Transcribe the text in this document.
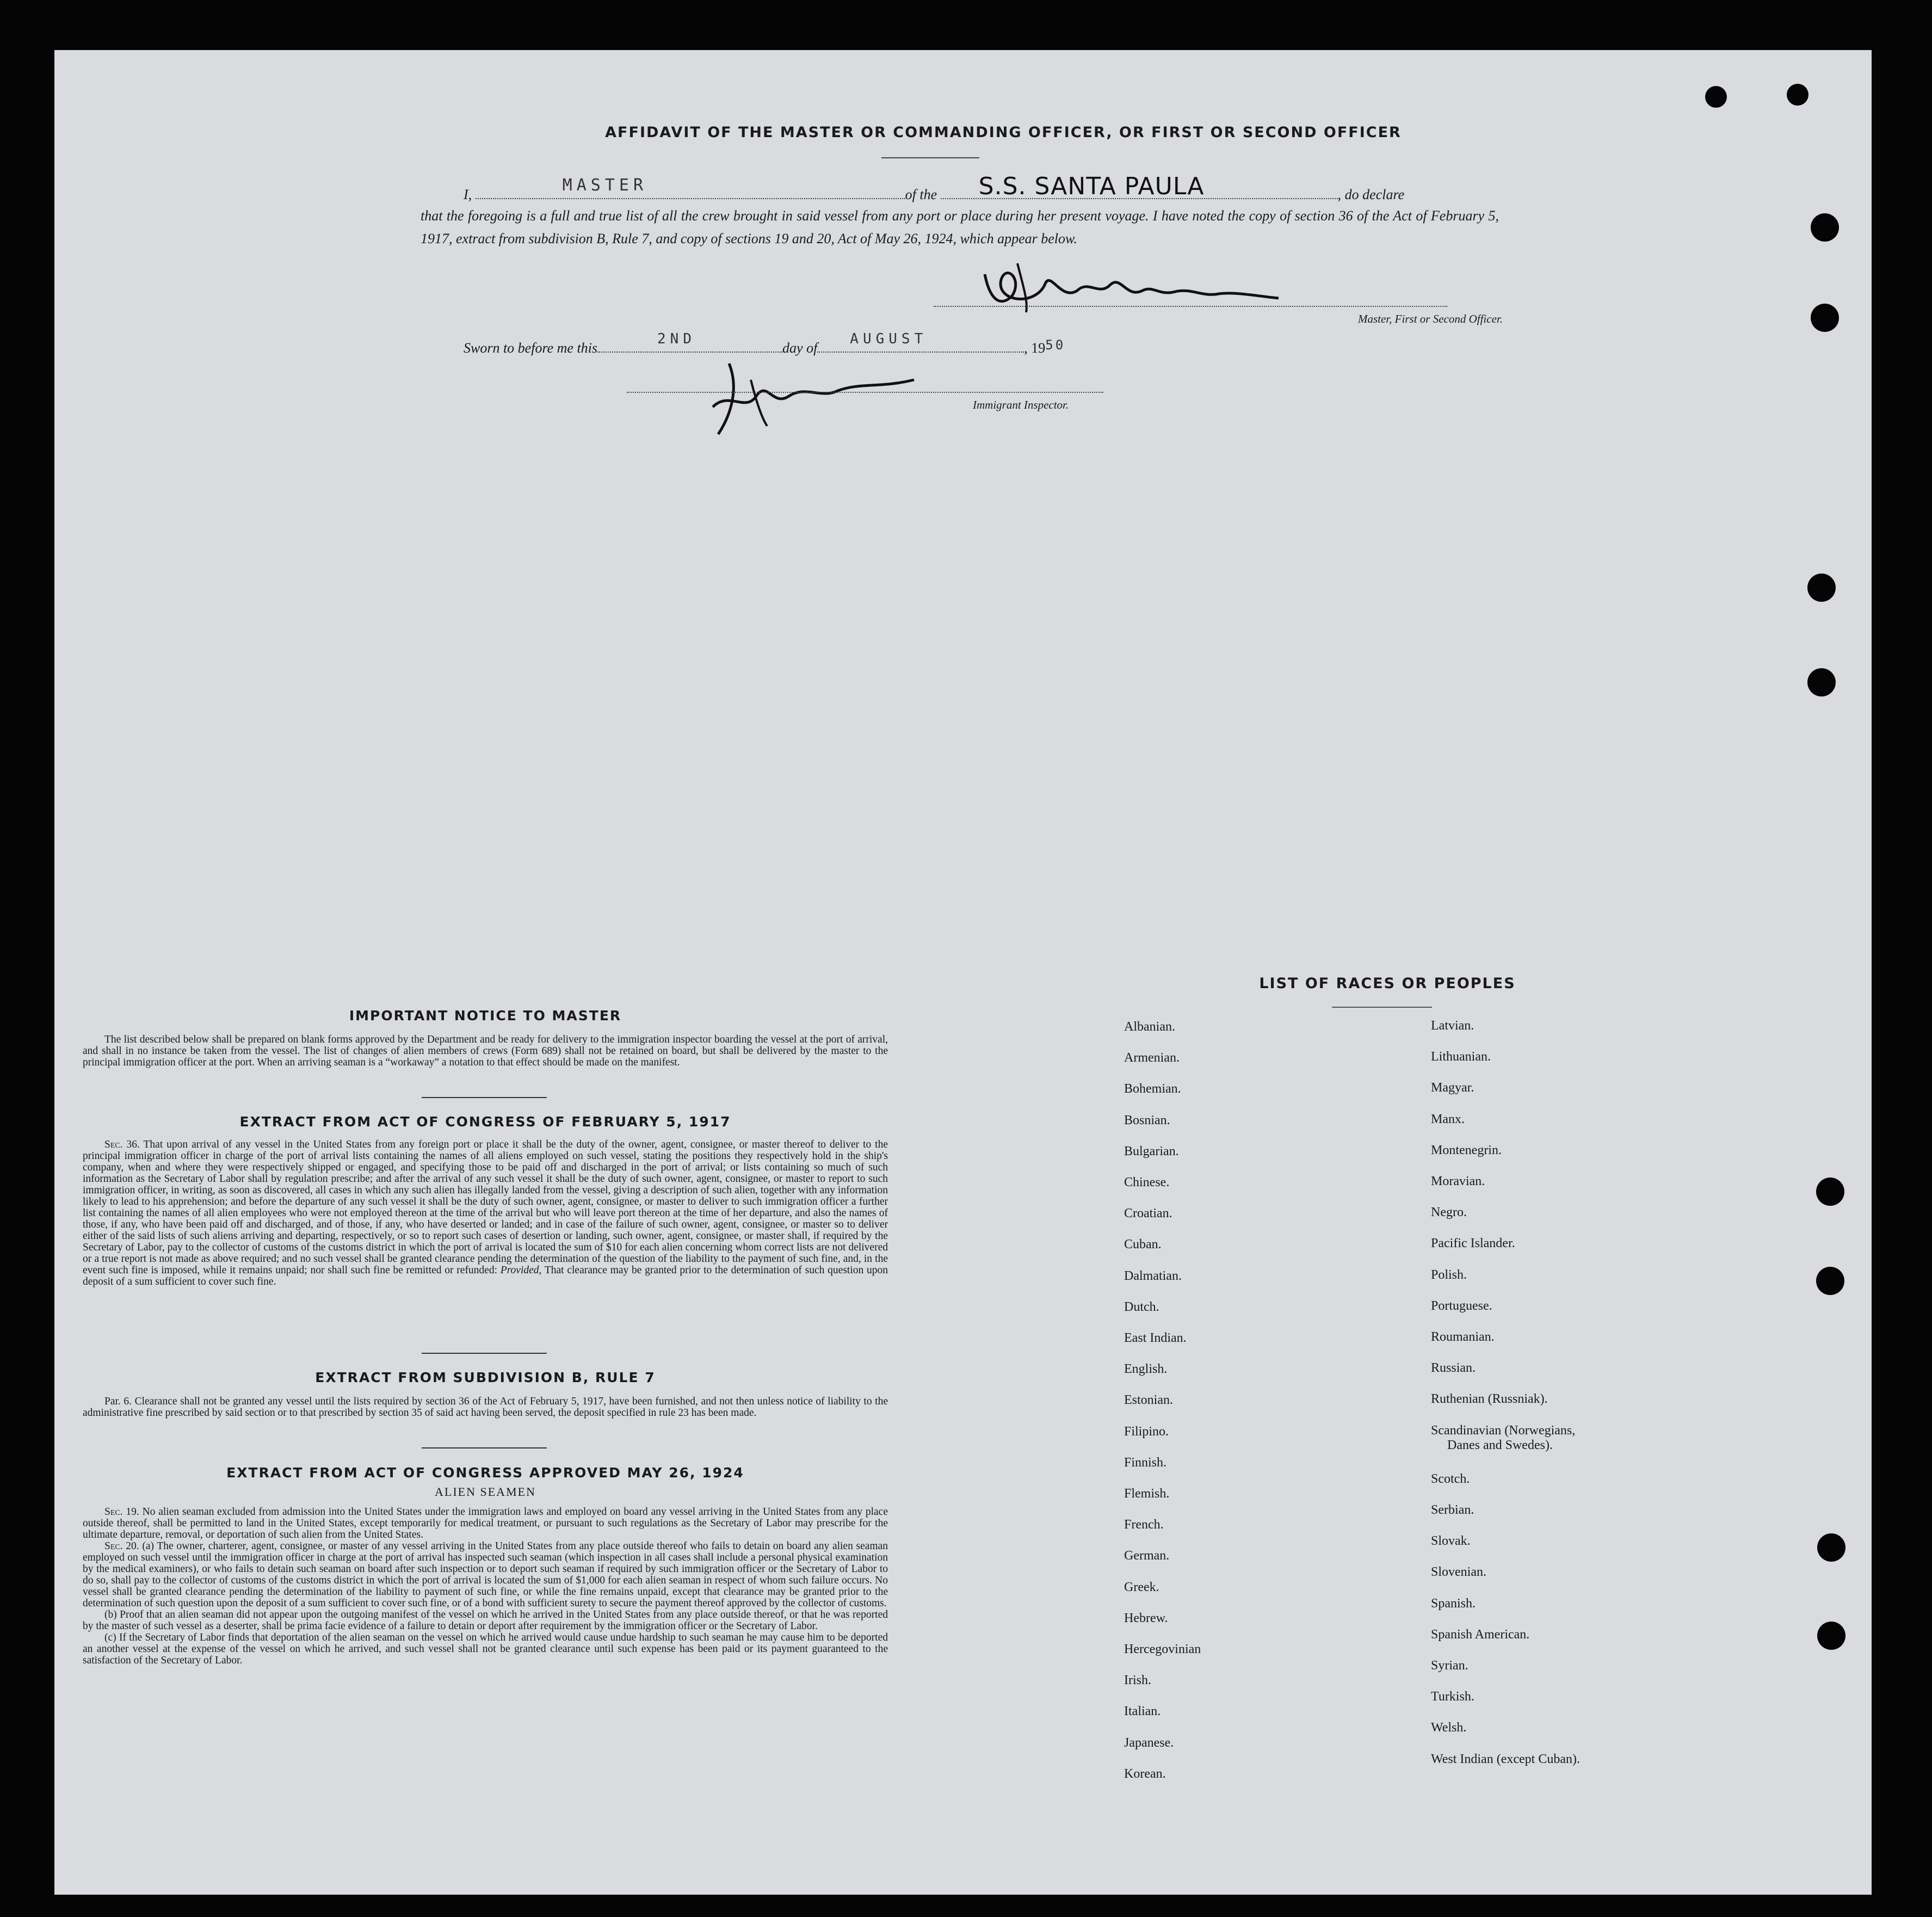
AFFIDAVIT OF THE MASTER OR COMMANDING OFFICER, OR FIRST OR SECOND OFFICER
I,	MASTER	of the S.S. SANTA PAULA	, do declare
that the foregoing is a full and true list of all the crew brought in said vessel from any port or place during her present voyage. I have noted the copy of section 36 of the Act of February 5, 1917, extract from subdivision B, Rule 7, and copy of sections 19 and 20, Act of May 26, 1924, which appear below.
Master, First or Second Officer.
Sworn to before me this
2ND
day of
AUGUST
, 1950
Immigrant Inspector.
IMPORTANT NOTICE TO MASTER

The list described below shall be prepared on blank forms approved by the Department and be ready for delivery to the immigration inspector boarding the vessel at the port of arrival, and shall in no instance be taken from the vessel. The list of changes of alien members of crews (Form 689) shall not be retained on board, but shall be delivered by the master to the principal immigration officer at the port. When an arriving seaman is a “workaway” a notation to that effect should be made on the manifest.

EXTRACT FROM ACT OF CONGRESS OF FEBRUARY 5, 1917

Sec. 36. That upon arrival of any vessel in the United States from any foreign port or place it shall be the duty of the owner, agent, consignee, or master thereof to deliver to the principal immigration officer in charge of the port of arrival lists containing the names of all aliens employed on such vessel, stating the positions they respectively hold in the ship's company, when and where they were respectively shipped or engaged, and specifying those to be paid off and discharged in the port of arrival; or lists containing so much of such information as the Secretary of Labor shall by regulation prescribe; and after the arrival of any such vessel it shall be the duty of such owner, agent, consignee, or master to report to such immigration officer, in writing, as soon as discovered, all cases in which any such alien has illegally landed from the vessel, giving a description of such alien, together with any information likely to lead to his apprehension; and before the departure of any such vessel it shall be the duty of such owner, agent, consignee, or master to deliver to such immigration officer a further list containing the names of all alien employees who were not employed thereon at the time of the arrival but who will leave port thereon at the time of her departure, and also the names of those, if any, who have been paid off and discharged, and of those, if any, who have deserted or landed; and in case of the failure of such owner, agent, consignee, or master so to deliver either of the said lists of such aliens arriving and departing, respectively, or so to report such cases of desertion or landing, such owner, agent, consignee, or master shall, if required by the Secretary of Labor, pay to the collector of customs of the customs district in which the port of arrival is located the sum of $10 for each alien concerning whom correct lists are not delivered or a true report is not made as above required; and no such vessel shall be granted clearance pending the determination of the question of the liability to the payment of such fine, and, in the event such fine is imposed, while it remains unpaid; nor shall such fine be remitted or refunded: Provided, That clearance may be granted prior to the determination of such question upon deposit of a sum sufficient to cover such fine.

EXTRACT FROM SUBDIVISION B, RULE 7

Par. 6. Clearance shall not be granted any vessel until the lists required by section 36 of the Act of February 5, 1917, have been furnished, and not then unless notice of liability to the administrative fine prescribed by said section or to that prescribed by section 35 of said act having been served, the deposit specified in rule 23 has been made.

EXTRACT FROM ACT OF CONGRESS APPROVED MAY 26, 1924
ALIEN SEAMEN

Sec. 19. No alien seaman excluded from admission into the United States under the immigration laws and employed on board any vessel arriving in the United States from any place outside thereof, shall be permitted to land in the United States, except temporarily for medical treatment, or pursuant to such regulations as the Secretary of Labor may prescribe for the ultimate departure, removal, or deportation of such alien from the United States.

Sec. 20. (a) The owner, charterer, agent, consignee, or master of any vessel arriving in the United States from any place outside thereof who fails to detain on board any alien seaman employed on such vessel until the immigration officer in charge at the port of arrival has inspected such seaman (which inspection in all cases shall include a personal physical examination by the medical examiners), or who fails to detain such seaman on board after such inspection or to deport such seaman if required by such immigration officer or the Secretary of Labor to do so, shall pay to the collector of customs of the customs district in which the port of arrival is located the sum of $1,000 for each alien seaman in respect of whom such failure occurs. No vessel shall be granted clearance pending the determination of the liability to payment of such fine, or while the fine remains unpaid, except that clearance may be granted prior to the determination of such question upon the deposit of a sum sufficient to cover such fine, or of a bond with sufficient surety to secure the payment thereof approved by the collector of customs.

(b) Proof that an alien seaman did not appear upon the outgoing manifest of the vessel on which he arrived in the United States from any place outside thereof, or that he was reported by the master of such vessel as a deserter, shall be prima facie evidence of a failure to detain or deport after requirement by the immigration officer or the Secretary of Labor.

(c) If the Secretary of Labor finds that deportation of the alien seaman on the vessel on which he arrived would cause undue hardship to such seaman he may cause him to be deported an another vessel at the expense of the vessel on which he arrived, and such vessel shall not be granted clearance until such expense has been paid or its payment guaranteed to the satisfaction of the Secretary of Labor.

LIST OF RACES OR PEOPLES
Albanian.
Armenian.
Bohemian.
Bosnian.
Bulgarian.
Chinese.
Croatian.
Cuban.
Dalmatian.
Dutch.
East Indian.
English.
Estonian.
Filipino.
Finnish.
Flemish.
French.
German.
Greek.
Hebrew.
Hercegovinian
Irish.
Italian.
Japanese.
Korean.
Latvian.
Lithuanian.
Magyar.
Manx.
Montenegrin.
Moravian.
Negro.
Pacific Islander.
Polish.
Portuguese.
Roumanian.
Russian.
Ruthenian (Russniak).
Scandinavian (Norwegians,
Danes and Swedes).
Scotch.
Serbian.
Slovak.
Slovenian.
Spanish.
Spanish American.
Syrian.
Turkish.
Welsh.
West Indian (except Cuban).
